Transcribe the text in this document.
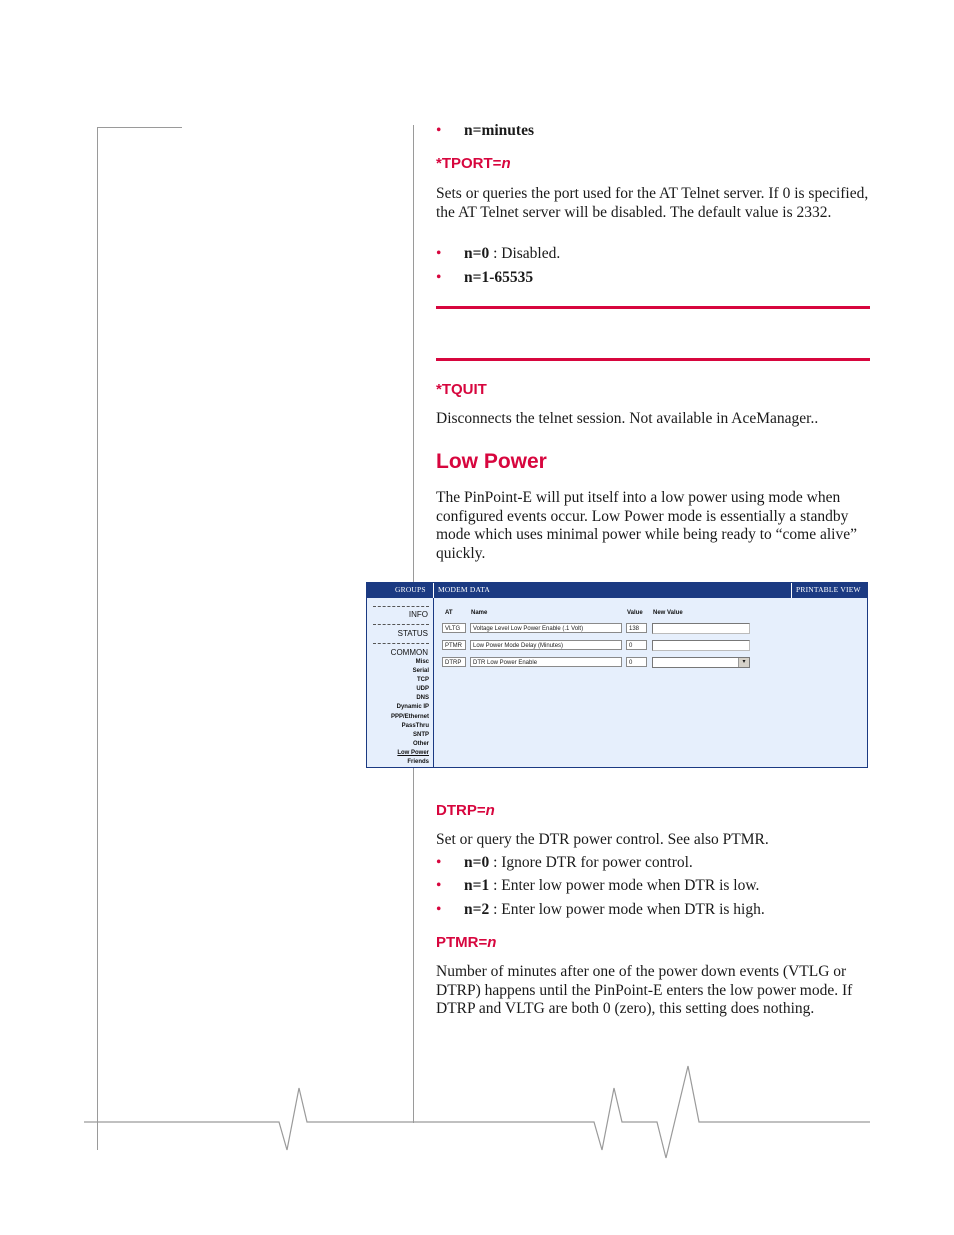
• n=minutes
*TPORT=n
Sets or queries the port used for the AT Telnet server. If 0 is specified, the AT Telnet server will be disabled. The default value is 2332.
• n=0 : Disabled.
• n=1-65535
*TQUIT
Disconnects the telnet session. Not available in AceManager..
Low Power
The PinPoint-E will put itself into a low power using mode when configured events occur. Low Power mode is essentially a standby mode which uses minimal power while being ready to “come alive” quickly.
GROUPS MODEM DATA	PRINTABLE VIEW
INFO
STATUS
COMMON
Misc
Serial
TCP
UDP
DNS
Dynamic IP
PPP/Ethernet
PassThru
SNTP
Other
Low Power
Friends
AT	Name	Value New Value
VLTG	Voltage Level Low Power Enable (.1 Volt)	138
PTMR	Low Power Mode Delay (Minutes)	0
DTRP	DTR Low Power Enable	0	▾
DTRP=n
Set or query the DTR power control. See also PTMR.
• n=0 : Ignore DTR for power control.
• n=1 : Enter low power mode when DTR is low.
• n=2 : Enter low power mode when DTR is high.
PTMR=n
Number of minutes after one of the power down events (VTLG or DTRP) happens until the PinPoint-E enters the low power mode. If DTRP and VLTG are both 0 (zero), this setting does nothing.
